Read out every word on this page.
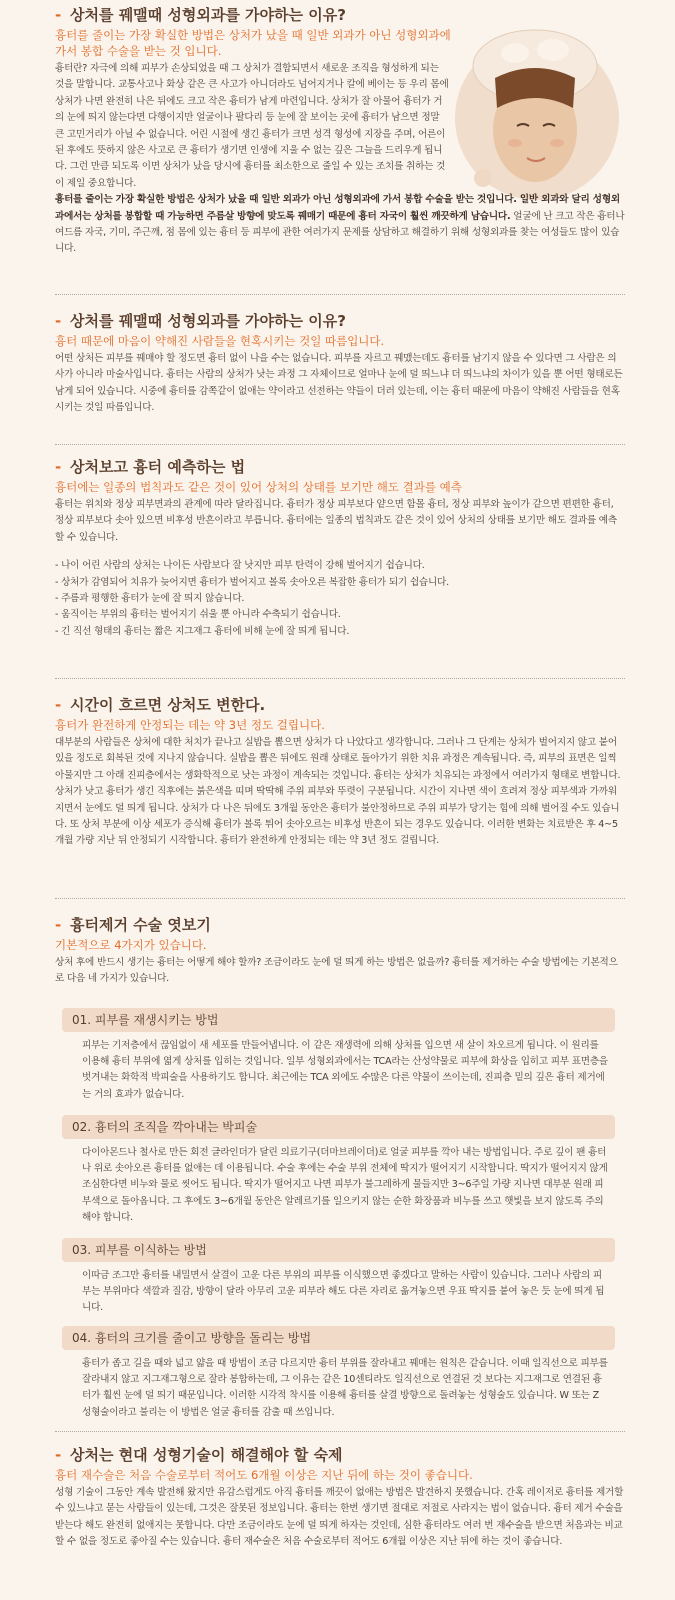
- 상처를 꿰맬때 성형외과를 가야하는 이유?
흉터를 줄이는 가장 확실한 방법은 상처가 났을 때 일반 외과가 아닌 성형외과에 가서 봉합 수술을 받는 것 입니다.

흉터란? 자극에 의해 피부가 손상되었을 때 그 상처가 결합되면서 새로운 조직을 형성하게 되는 것을 말합니다. 교통사고나 화상 같은 큰 사고가 아니더라도 넘어지거나 칼에 베이는 등 우리 몸에 상처가 나면 완전히 나은 뒤에도 크고 작은 흉터가 남게 마련입니다. 상처가 잘 아물어 흉터가 거의 눈에 띄지 않는다면 다행이지만 얼굴이나 팔다리 등 눈에 잘 보이는 곳에 흉터가 남으면 정말 큰 고민거리가 아닐 수 없습니다. 어린 시절에 생긴 흉터가 크면 성격 형성에 지장을 주며, 어른이 된 후에도 뜻하지 않은 사고로 큰 흉터가 생기면 인생에 지울 수 없는 깊은 그늘을 드리우게 됩니다. 그런 만큼 되도록 이면 상처가 났을 당시에 흉터를 최소한으로 줄일 수 있는 조치를 취하는 것이 제일 중요합니다.

흉터를 줄이는 가장 확실한 방법은 상처가 났을 때 일반 외과가 아닌 성형외과에 가서 봉합 수술을 받는 것입니다. 일반 외과와 달리 성형외과에서는 상처를 봉합할 때 가능하면 주름살 방향에 맞도록 꿰매기 때문에 흉터 자국이 훨씬 깨끗하게 남습니다. 얼굴에 난 크고 작은 흉터나 여드름 자국, 기미, 주근깨, 점 몸에 있는 흉터 등 피부에 관한 여러가지 문제를 상담하고 해결하기 위해 성형외과를 찾는 여성들도 많이 있습니다.

- 상처를 꿰맬때 성형외과를 가야하는 이유?
흉터 때문에 마음이 약해진 사람들을 현혹시키는 것일 따름입니다.

어떤 상처든 피부를 꿰매야 할 정도면 흉터 없이 나을 수는 없습니다. 피부를 자르고 꿰맸는데도 흉터를 남기지 않을 수 있다면 그 사람은 의사가 아니라 마술사입니다. 흉터는 사람의 상처가 낫는 과정 그 자체이므로 얼마나 눈에 덜 띄느냐 더 띄느냐의 차이가 있을 뿐 어떤 형태로든 남게 되어 있습니다. 시중에 흉터를 감쪽같이 없애는 약이라고 선전하는 약들이 더러 있는데, 이는 흉터 때문에 마음이 약해진 사람들을 현혹시키는 것일 따름입니다.

- 상처보고 흉터 예측하는 법
흉터에는 일종의 법칙과도 같은 것이 있어 상처의 상태를 보기만 해도 결과를 예측

흉터는 위치와 정상 피부면과의 관계에 따라 달라집니다. 흉터가 정상 피부보다 얕으면 함몰 흉터, 정상 피부와 높이가 같으면 편편한 흉터, 정상 피부보다 솟아 있으면 비후성 반흔이라고 부릅니다. 흉터에는 일종의 법칙과도 같은 것이 있어 상처의 상태를 보기만 해도 결과를 예측할 수 있습니다.

- 나이 어린 사람의 상처는 나이든 사람보다 잘 낫지만 피부 탄력이 강해 벌어지기 쉽습니다.
- 상처가 감염되어 치유가 늦어지면 흉터가 벌어지고 볼록 솟아오른 복잡한 흉터가 되기 쉽습니다.
- 주름과 평행한 흉터가 눈에 잘 띄지 않습니다.
- 움직이는 부위의 흉터는 벌어지기 쉬울 뿐 아니라 수축되기 쉽습니다.
- 긴 직선 형태의 흉터는 짧은 지그재그 흉터에 비해 눈에 잘 띄게 됩니다.
- 시간이 흐르면 상처도 변한다.
흉터가 완전하게 안정되는 데는 약 3년 정도 걸립니다.

대부분의 사람들은 상처에 대한 처치가 끝나고 실밥을 뽑으면 상처가 다 나았다고 생각합니다. 그러나 그 단계는 상처가 벌어지지 않고 붙어 있을 정도로 회복된 것에 지나지 않습니다. 실밥을 뽑은 뒤에도 원래 상태로 돌아가기 위한 치유 과정은 계속됩니다. 즉, 피부의 표면은 일찍 아물지만 그 아래 진피층에서는 생화학적으로 낫는 과정이 계속되는 것입니다. 흉터는 상처가 치유되는 과정에서 여러가지 형태로 변합니다. 상처가 낫고 흉터가 생긴 직후에는 붉은색을 띠며 딱딱해 주위 피부와 뚜렷이 구분됩니다. 시간이 지나면 색이 흐려져 정상 피부색과 가까워지면서 눈에도 덜 띄게 됩니다. 상처가 다 나은 뒤에도 3개월 동안은 흉터가 불안정하므로 주위 피부가 당기는 힘에 의해 벌어질 수도 있습니다. 또 상처 부분에 이상 세포가 증식해 흉터가 볼록 튀어 솟아오르는 비후성 반흔이 되는 경우도 있습니다. 이러한 변화는 치료받은 후 4~5개월 가량 지난 뒤 안정되기 시작합니다. 흉터가 완전하게 안정되는 데는 약 3년 정도 걸립니다.

- 흉터제거 수술 엿보기
기본적으로 4가지가 있습니다.

상처 후에 반드시 생기는 흉터는 어떻게 해야 할까? 조금이라도 눈에 덜 띄게 하는 방법은 없을까? 흉터를 제거하는 수술 방법에는 기본적으로 다음 네 가지가 있습니다.

01. 피부를 재생시키는 방법
피부는 기저층에서 끊임없이 새 세포를 만들어냅니다. 이 같은 재생력에 의해 상처를 입으면 새 살이 차오르게 됩니다. 이 원리를 이용해 흉터 부위에 엷게 상처를 입히는 것입니다. 일부 성형외과에서는 TCA라는 산성약물로 피부에 화상을 입히고 피부 표면층을 벗겨내는 화학적 박피술을 사용하기도 합니다. 최근에는 TCA 외에도 수많은 다른 약물이 쓰이는데, 진피층 밑의 깊은 흉터 제거에는 거의 효과가 없습니다.
02. 흉터의 조직을 깍아내는 박피술
다이아몬드나 철사로 만든 회전 글라인더가 달린 의료기구(더마브레이더)로 얼굴 피부를 깍아 내는 방법입니다. 주로 깊이 팬 흉터나 위로 솟아오른 흉터를 없애는 데 이용됩니다. 수술 후에는 수술 부위 전체에 딱지가 떨어지기 시작합니다. 딱지가 떨어지지 않게 조심한다면 비누와 물로 씻어도 됩니다. 딱지가 떨어지고 나면 피부가 불그레하게 물들지만 3~6주일 가량 지나면 대부분 원래 피부색으로 돌아옵니다. 그 후에도 3~6개월 동안은 알레르기를 일으키지 않는 순한 화장품과 비누를 쓰고 햇빛을 보지 않도록 주의해야 합니다.
03. 피부를 이식하는 방법
이따금 조그만 흉터를 내밀면서 살결이 고운 다른 부위의 피부를 이식했으면 좋겠다고 말하는 사람이 있습니다. 그러나 사람의 피부는 부위마다 색깔과 질감, 방향이 달라 아무리 고운 피부라 해도 다른 자리로 옮겨놓으면 우표 딱지를 붙여 놓은 듯 눈에 띄게 됩니다.
04. 흉터의 크기를 줄이고 방향을 돌리는 방법
흉터가 좁고 길을 때와 넓고 얇을 때 방법이 조금 다르지만 흉터 부위를 잘라내고 꿰매는 원칙은 같습니다. 이때 일직선으로 피부를 잘라내지 않고 지그재그형으로 잘라 봉합하는데, 그 이유는 같은 10센티라도 일직선으로 연결된 것 보다는 지그재그로 연결된 흉터가 훨씬 눈에 덜 띄기 때문입니다. 이러한 시각적 착시를 이용해 흉터를 살결 방향으로 돌려놓는 성형술도 있습니다. W 또는 Z 성형술이라고 불리는 이 방법은 얼굴 흉터를 감출 때 쓰입니다.
- 상처는 현대 성형기술이 해결해야 할 숙제
흉터 재수술은 처음 수술로부터 적어도 6개월 이상은 지난 뒤에 하는 것이 좋습니다.

성형 기술이 그동안 계속 발전해 왔지만 유감스럽게도 아직 흉터를 깨끗이 없애는 방법은 발견하지 못했습니다. 간혹 레이저로 흉터를 제거할 수 있느냐고 묻는 사람들이 있는데, 그것은 잘못된 정보입니다. 흉터는 한번 생기면 절대로 저절로 사라지는 법이 없습니다. 흉터 제거 수술을 받는다 해도 완전히 없애지는 못합니다. 다만 조금이라도 눈에 덜 띄게 하자는 것인데, 심한 흉터라도 여러 번 재수술을 받으면 처음과는 비교할 수 없을 정도로 좋아질 수는 있습니다. 흉터 재수술은 처음 수술로부터 적어도 6개월 이상은 지난 뒤에 하는 것이 좋습니다.
